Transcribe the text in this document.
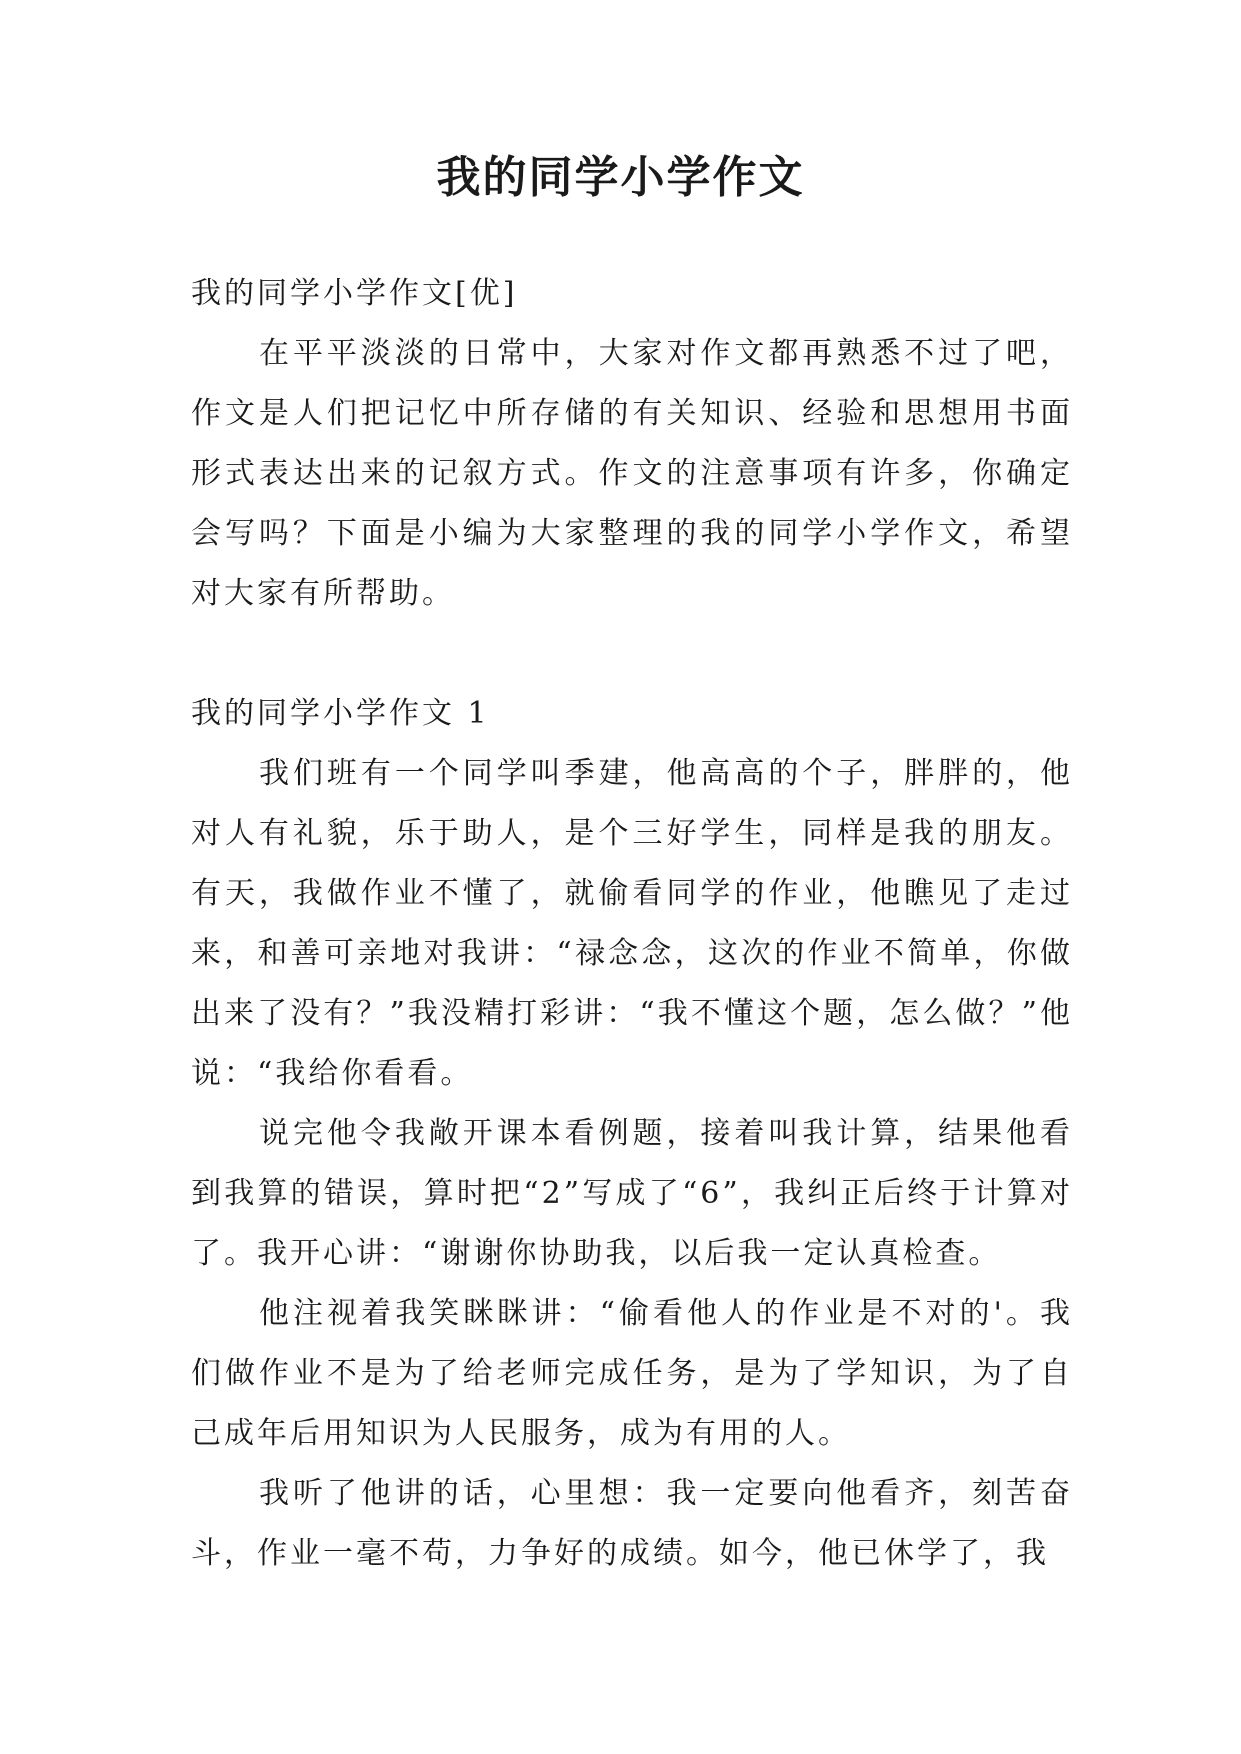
我的同学小学作文

我的同学小学作文[优]

在平平淡淡的日常中，大家对作文都再熟悉不过了吧，作文是人们把记忆中所存储的有关知识、经验和思想用书面形式表达出来的记叙方式。作文的注意事项有许多，你确定会写吗？下面是小编为大家整理的我的同学小学作文，希望对大家有所帮助。

我的同学小学作文 1

我们班有一个同学叫季建，他高高的个子，胖胖的，他对人有礼貌，乐于助人，是个三好学生，同样是我的朋友。有天，我做作业不懂了，就偷看同学的作业，他瞧见了走过来，和善可亲地对我讲：“禄念念，这次的作业不简单，你做出来了没有？”我没精打彩讲：“我不懂这个题，怎么做？”他说：“我给你看看。

说完他令我敞开课本看例题，接着叫我计算，结果他看到我算的错误，算时把“2”写成了“6”，我纠正后终于计算对了。我开心讲：“谢谢你协助我，以后我一定认真检查。

他注视着我笑眯眯讲：“偷看他人的作业是不对的'。我们做作业不是为了给老师完成任务，是为了学知识，为了自己成年后用知识为人民服务，成为有用的人。

我听了他讲的话，心里想：我一定要向他看齐，刻苦奋斗，作业一毫不苟，力争好的成绩。如今，他已休学了，我
